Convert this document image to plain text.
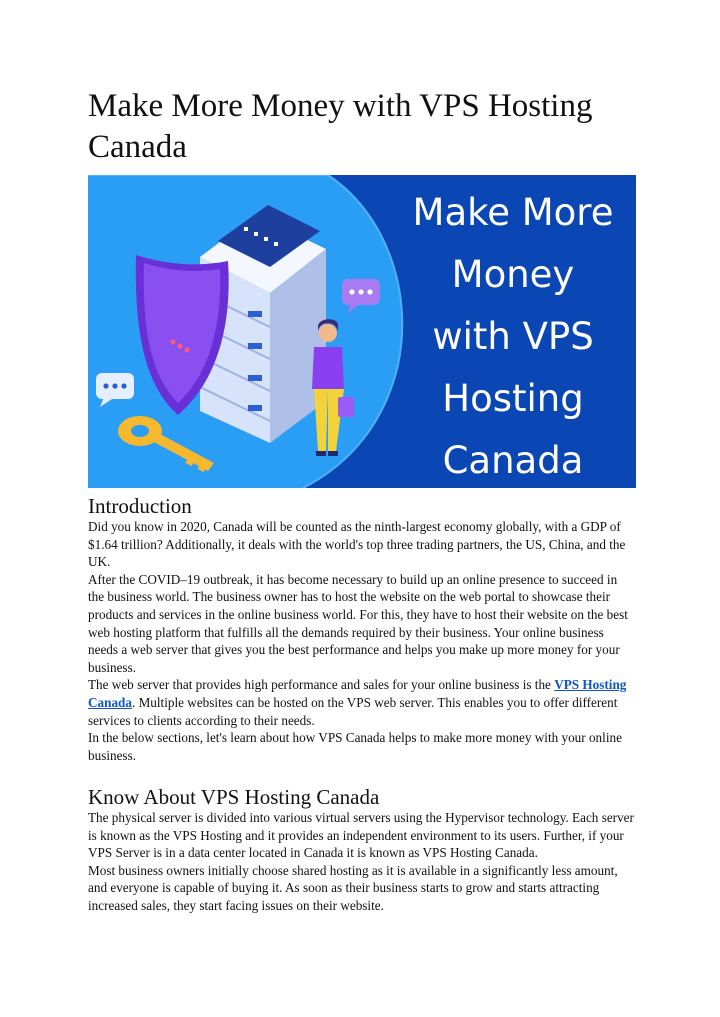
Make More Money with VPS Hosting Canada
Make More
Money
with VPS
Hosting
Canada
Introduction

Did you know in 2020, Canada will be counted as the ninth-largest economy globally, with a GDP of $1.64 trillion? Additionally, it deals with the world's top three trading partners, the US, China, and the UK.

After the COVID–19 outbreak, it has become necessary to build up an online presence to succeed in the business world. The business owner has to host the website on the web portal to showcase their products and services in the online business world. For this, they have to host their website on the best web hosting platform that fulfills all the demands required by their business. Your online business needs a web server that gives you the best performance and helps you make up more money for your business.

The web server that provides high performance and sales for your online business is the VPS Hosting Canada. Multiple websites can be hosted on the VPS web server. This enables you to offer different services to clients according to their needs.

In the below sections, let's learn about how VPS Canada helps to make more money with your online business.

Know About VPS Hosting Canada

The physical server is divided into various virtual servers using the Hypervisor technology. Each server is known as the VPS Hosting and it provides an independent environment to its users. Further, if your VPS Server is in a data center located in Canada it is known as VPS Hosting Canada.

Most business owners initially choose shared hosting as it is available in a significantly less amount, and everyone is capable of buying it. As soon as their business starts to grow and starts attracting increased sales, they start facing issues on their website.
